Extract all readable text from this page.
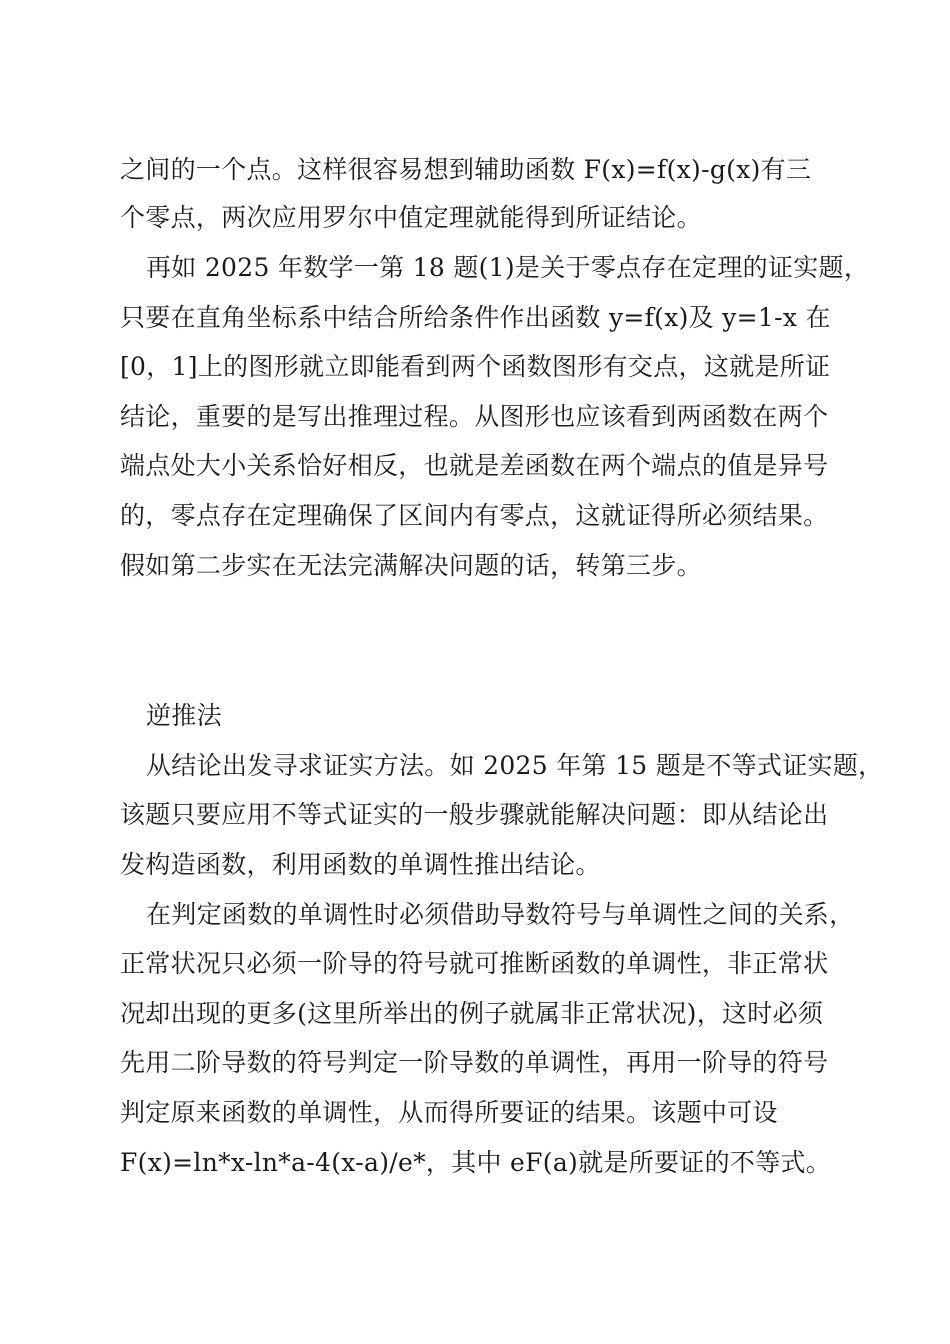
之间的一个点。这样很容易想到辅助函数 F(x)=f(x)-g(x)有三
个零点，两次应用罗尔中值定理就能得到所证结论。
再如 2025 年数学一第 18 题(1)是关于零点存在定理的证实题，
只要在直角坐标系中结合所给条件作出函数 y=f(x)及 y=1-x 在
[0，1]上的图形就立即能看到两个函数图形有交点，这就是所证
结论，重要的是写出推理过程。从图形也应该看到两函数在两个
端点处大小关系恰好相反，也就是差函数在两个端点的值是异号
的，零点存在定理确保了区间内有零点，这就证得所必须结果。
假如第二步实在无法完满解决问题的话，转第三步。
逆推法
从结论出发寻求证实方法。如 2025 年第 15 题是不等式证实题，
该题只要应用不等式证实的一般步骤就能解决问题：即从结论出
发构造函数，利用函数的单调性推出结论。
在判定函数的单调性时必须借助导数符号与单调性之间的关系，
正常状况只必须一阶导的符号就可推断函数的单调性，非正常状
况却出现的更多(这里所举出的例子就属非正常状况)，这时必须
先用二阶导数的符号判定一阶导数的单调性，再用一阶导的符号
判定原来函数的单调性，从而得所要证的结果。该题中可设
F(x)=ln*x-ln*a-4(x-a)/e*，其中 eF(a)就是所要证的不等式。
